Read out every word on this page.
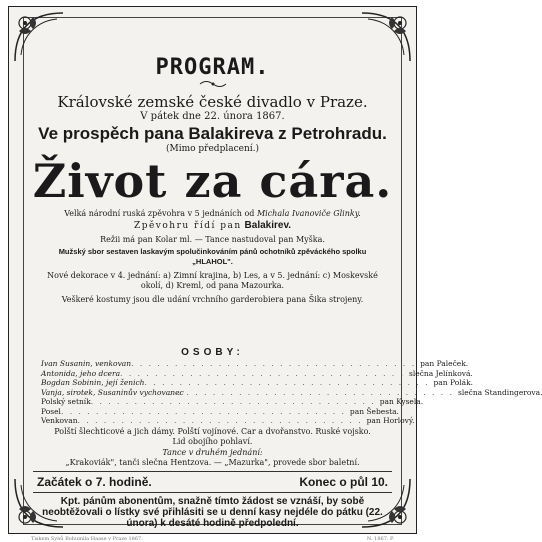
PROGRAM.
Královské zemské české divadlo v Praze.
V pátek dne 22. února 1867.
Ve prospěch pana Balakireva z Petrohradu.
(Mimo předplacení.)
Život za cára.
Velká národní ruská zpěvohra v 5 jednáních od Michala Ivanoviče Glinky.
Zpěvohru řídí pan Balakirev.
Režii má pan Kolar ml. — Tance nastudoval pan Myška.
Mužský sbor sestaven laskavým spolučinkováním pánů ochotníků zpěváckého spolku „HLAHOL".
Nové dekorace v 4. jednání: a) Zimní krajina, b) Les, a v 5. jednání: c) Moskevské okolí, d) Kreml, od pana Mazourka.
Veškeré kostumy jsou dle udání vrchního garderobiera pana Šika strojeny.
OSOBY:
Ivan Susanin, venkovan . . . . . . . . . . . . . . . . . . . . . . . . . . . . . . . . . pan Paleček.
Antonida, jeho dcera . . . . . . . . . . . . . . . . . . . . . . . . . . . . . . . . . slečna Jelínková.
Bogdan Sobinin, její ženich . . . . . . . . . . . . . . . . . . . . . . . . . . . . . . . . . pan Polák.
Vanja, sirotek, Susaninův vychovanec
. . . . . . . . . . . . . . . . . . . . . . . . . . . . . . . . . slečna Standingerova.
Polský setník . . . . . . . . . . . . . . . . . . . . . . . . . . . . . . . . . pan Kysela.
Posel . . . . . . . . . . . . . . . . . . . . . . . . . . . . . . . . . pan Šebesta.
Venkovan . . . . . . . . . . . . . . . . . . . . . . . . . . . . . . . . . pan Horlový.
Polští šlechticové a jich dámy. Polští vojínové. Car a dvořanstvo. Ruské vojsko.
Lid obojího pohlaví.
Tance v druhém jednání:
„Krakoviák", tanči slečna Hentzova. — „Mazurka", provede sbor baletní.
Začátek o 7. hodině.	Konec o půl 10.
Kpt. pánům abonentům, snažně tímto žádost se vznáší, by sobě neobtěžovali o lístky své přihlásiti se u denní kasy nejdéle do pátku (22. února) k desáté hodině předpolední.
Tiskem Synů Bohumila Haase v Praze 1867.	N. 1867. P.
